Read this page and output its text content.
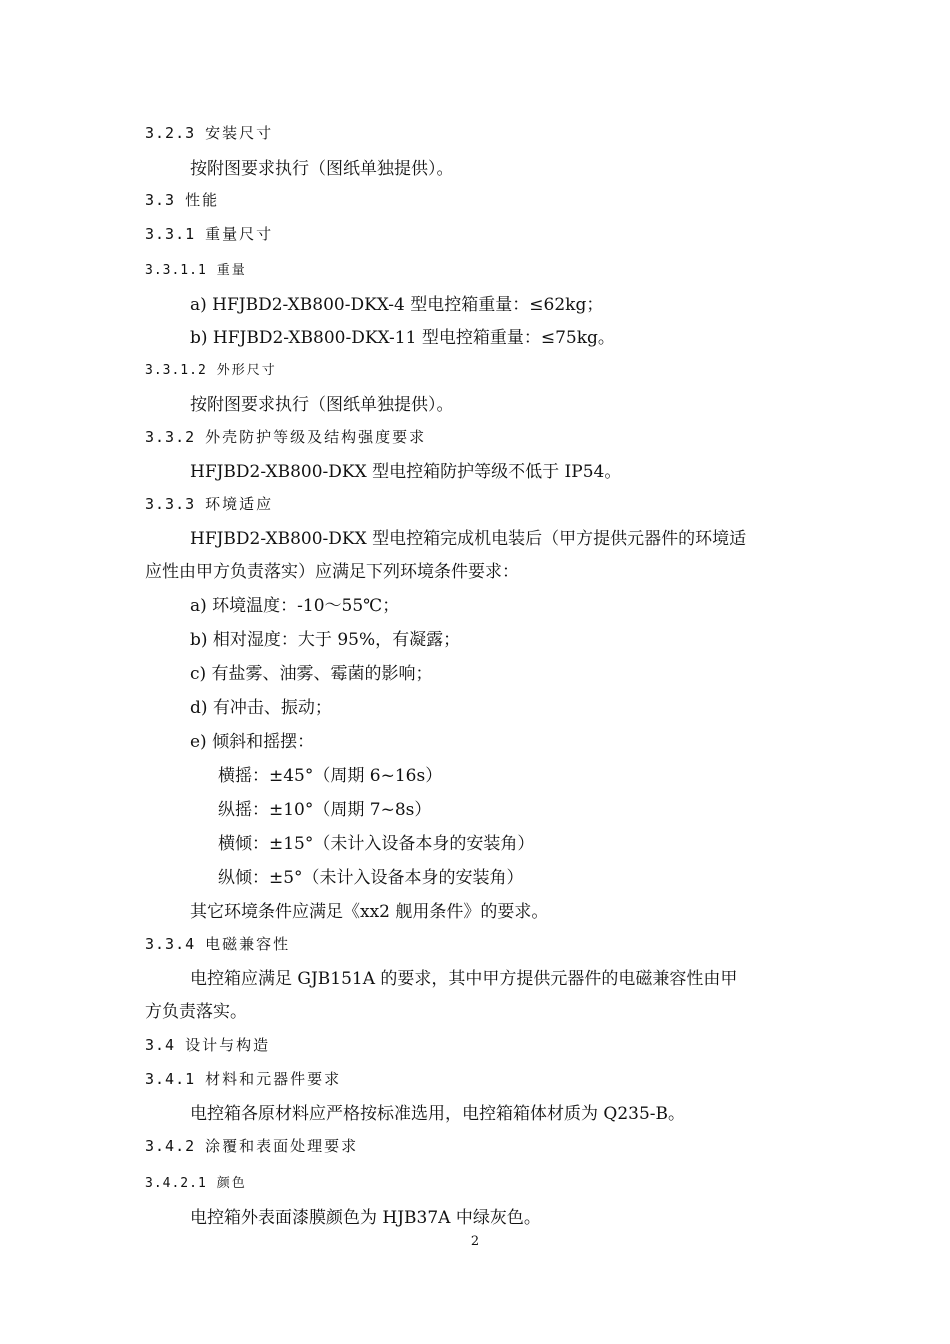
3.2.3 安装尺寸
按附图要求执行（图纸单独提供）。
3.3 性能
3.3.1 重量尺寸
3.3.1.1 重量
a) HFJBD2-XB800-DKX-4 型电控箱重量：≤62kg；
b) HFJBD2-XB800-DKX-11 型电控箱重量：≤75kg。
3.3.1.2 外形尺寸
按附图要求执行（图纸单独提供）。
3.3.2 外壳防护等级及结构强度要求
HFJBD2-XB800-DKX 型电控箱防护等级不低于 IP54。
3.3.3 环境适应
HFJBD2-XB800-DKX 型电控箱完成机电装后（甲方提供元器件的环境适
应性由甲方负责落实）应满足下列环境条件要求：
a) 环境温度：-10～55℃；
b) 相对湿度：大于 95%，有凝露；
c) 有盐雾、油雾、霉菌的影响；
d) 有冲击、振动；
e) 倾斜和摇摆：
横摇：±45°（周期 6~16s）
纵摇：±10°（周期 7~8s）
横倾：±15°（未计入设备本身的安装角）
纵倾：±5°（未计入设备本身的安装角）
其它环境条件应满足《xx2 舰用条件》的要求。
3.3.4 电磁兼容性
电控箱应满足 GJB151A 的要求，其中甲方提供元器件的电磁兼容性由甲
方负责落实。
3.4 设计与构造
3.4.1 材料和元器件要求
电控箱各原材料应严格按标准选用，电控箱箱体材质为 Q235-B。
3.4.2 涂覆和表面处理要求
3.4.2.1 颜色
电控箱外表面漆膜颜色为 HJB37A 中绿灰色。
2
